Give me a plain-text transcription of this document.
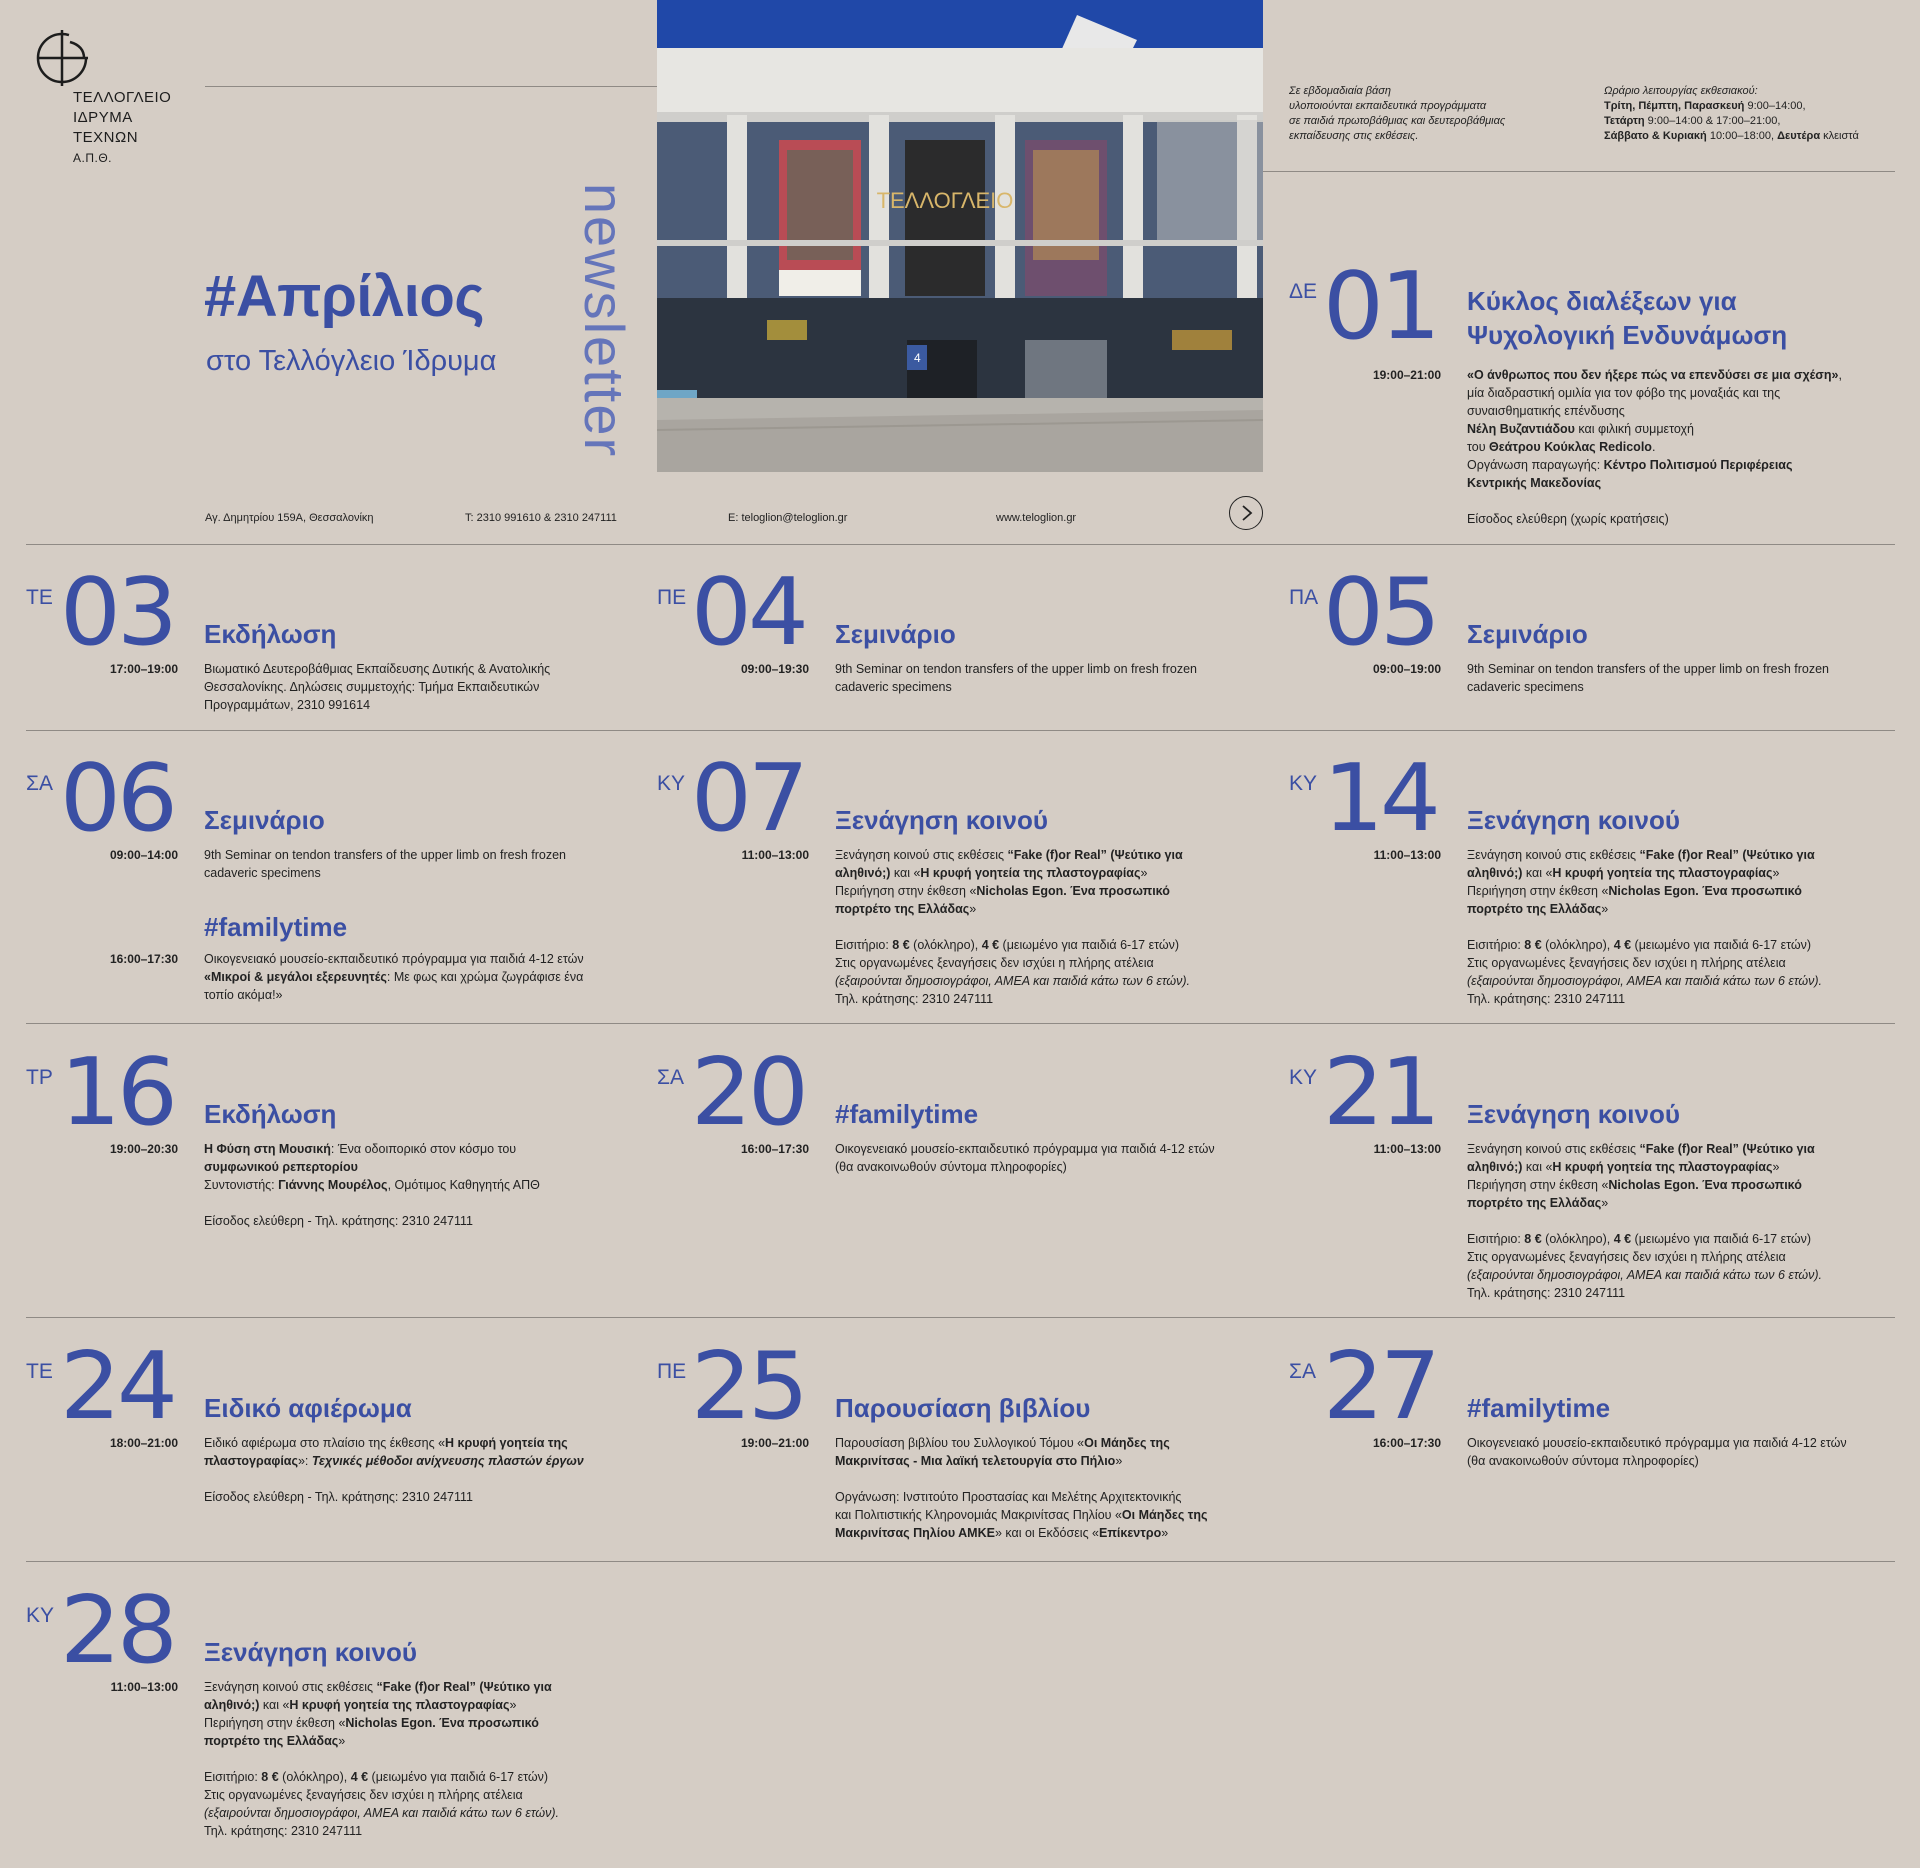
ΤΕΛΛΟΓΛΕΙΟ
ΙΔΡΥΜΑ
ΤΕΧΝΩΝ
Α.Π.Θ.
#Απρίλιος
στο Τελλόγλειο Ίδρυμα newsletter	ΤΕΛΛΟΓΛΕΙΟ
4
Αγ. Δημητρίου 159Α, Θεσσαλονίκη	T: 2310 991610 & 2310 247111	E: teloglion@teloglion.gr	www.teloglion.gr
Σε εβδομαδιαία βάση
υλοποιούνται εκπαιδευτικά προγράμματα
σε παιδιά πρωτοβάθμιας και δευτεροβάθμιας
εκπαίδευσης στις εκθέσεις.
Ωράριο λειτουργίας εκθεσιακού:
Τρίτη, Πέμπτη, Παρασκευή 9:00–14:00,
Τετάρτη 9:00–14:00 & 17:00–21:00,
Σάββατο & Κυριακή 10:00–18:00, Δευτέρα κλειστά
ΔΕ 01 Κύκλος διαλέξεων για
Ψυχολογική Ενδυνάμωση
19:00–21:00 «Ο άνθρωπος που δεν ήξερε πώς να επενδύσει σε μια σχέση»,
μία διαδραστική ομιλία για τον φόβο της μοναξιάς και της
συναισθηματικής επένδυσης
Νέλη Βυζαντιάδου και φιλική συμμετοχή
του Θεάτρου Κούκλας Redicolo.
Οργάνωση παραγωγής: Κέντρο Πολιτισμού Περιφέρειας
Κεντρικής Μακεδονίας
Είσοδος ελεύθερη (χωρίς κρατήσεις)
ΤΕ 03 Εκδήλωση
17:00–19:00 Βιωματικό Δευτεροβάθμιας Εκπαίδευσης Δυτικής & Ανατολικής
Θεσσαλονίκης. Δηλώσεις συμμετοχής: Τμήμα Εκπαιδευτικών
Προγραμμάτων, 2310 991614
ΠΕ 04 Σεμινάριο
09:00–19:30 9th Seminar on tendon transfers of the upper limb on fresh frozen
cadaveric specimens
ΠΑ 05 Σεμινάριο
09:00–19:00 9th Seminar on tendon transfers of the upper limb on fresh frozen
cadaveric specimens
ΣΑ 06 Σεμινάριο
09:00–14:00 9th Seminar on tendon transfers of the upper limb on fresh frozen
cadaveric specimens
#familytime
16:00–17:30 Οικογενειακό μουσείο-εκπαιδευτικό πρόγραμμα για παιδιά 4-12 ετών
«Μικροί & μεγάλοι εξερευνητές: Με φως και χρώμα ζωγράφισε ένα
τοπίο ακόμα!»
ΚΥ 07 Ξενάγηση κοινού
11:00–13:00 Ξενάγηση κοινού στις εκθέσεις “Fake (f)or Real” (Ψεύτικο για
αληθινό;) και «Η κρυφή γοητεία της πλαστογραφίας»
Περιήγηση στην έκθεση «Nicholas Egon. Ένα προσωπικό
πορτρέτο της Ελλάδας»
Εισιτήριο: 8 € (ολόκληρο), 4 € (μειωμένο για παιδιά 6-17 ετών)
Στις οργανωμένες ξεναγήσεις δεν ισχύει η πλήρης ατέλεια
(εξαιρούνται δημοσιογράφοι, ΑΜΕΑ και παιδιά κάτω των 6 ετών).
Τηλ. κράτησης: 2310 247111
ΚΥ 14 Ξενάγηση κοινού
11:00–13:00 Ξενάγηση κοινού στις εκθέσεις “Fake (f)or Real” (Ψεύτικο για
αληθινό;) και «Η κρυφή γοητεία της πλαστογραφίας»
Περιήγηση στην έκθεση «Nicholas Egon. Ένα προσωπικό
πορτρέτο της Ελλάδας»
Εισιτήριο: 8 € (ολόκληρο), 4 € (μειωμένο για παιδιά 6-17 ετών)
Στις οργανωμένες ξεναγήσεις δεν ισχύει η πλήρης ατέλεια
(εξαιρούνται δημοσιογράφοι, ΑΜΕΑ και παιδιά κάτω των 6 ετών).
Τηλ. κράτησης: 2310 247111
ΤΡ 16 Εκδήλωση
19:00–20:30 Η Φύση στη Μουσική: Ένα οδοιπορικό στον κόσμο του
συμφωνικού ρεπερτορίου
Συντονιστής: Γιάννης Μουρέλος, Ομότιμος Καθηγητής ΑΠΘ
Είσοδος ελεύθερη - Τηλ. κράτησης: 2310 247111
ΣΑ 20 #familytime
16:00–17:30 Οικογενειακό μουσείο-εκπαιδευτικό πρόγραμμα για παιδιά 4-12 ετών
(θα ανακοινωθούν σύντομα πληροφορίες)
ΚΥ 21 Ξενάγηση κοινού
11:00–13:00 Ξενάγηση κοινού στις εκθέσεις “Fake (f)or Real” (Ψεύτικο για
αληθινό;) και «Η κρυφή γοητεία της πλαστογραφίας»
Περιήγηση στην έκθεση «Nicholas Egon. Ένα προσωπικό
πορτρέτο της Ελλάδας»
Εισιτήριο: 8 € (ολόκληρο), 4 € (μειωμένο για παιδιά 6-17 ετών)
Στις οργανωμένες ξεναγήσεις δεν ισχύει η πλήρης ατέλεια
(εξαιρούνται δημοσιογράφοι, ΑΜΕΑ και παιδιά κάτω των 6 ετών).
Τηλ. κράτησης: 2310 247111
ΤΕ 24 Ειδικό αφιέρωμα
18:00–21:00 Ειδικό αφιέρωμα στο πλαίσιο της έκθεσης «Η κρυφή γοητεία της
πλαστογραφίας»: Τεχνικές μέθοδοι ανίχνευσης πλαστών έργων
Είσοδος ελεύθερη - Τηλ. κράτησης: 2310 247111
ΠΕ 25 Παρουσίαση βιβλίου
19:00–21:00 Παρουσίαση βιβλίου του Συλλογικού Τόμου «Οι Μάηδες της
Μακρινίτσας - Μια λαϊκή τελετουργία στο Πήλιο»
Οργάνωση: Ινστιτούτο Προστασίας και Μελέτης Αρχιτεκτονικής
και Πολιτιστικής Κληρονομιάς Μακρινίτσας Πηλίου «Οι Μάηδες της
Μακρινίτσας Πηλίου ΑΜΚΕ» και οι Εκδόσεις «Επίκεντρο»
ΣΑ 27 #familytime
16:00–17:30 Οικογενειακό μουσείο-εκπαιδευτικό πρόγραμμα για παιδιά 4-12 ετών
(θα ανακοινωθούν σύντομα πληροφορίες)
ΚΥ 28 Ξενάγηση κοινού
11:00–13:00 Ξενάγηση κοινού στις εκθέσεις “Fake (f)or Real” (Ψεύτικο για
αληθινό;) και «Η κρυφή γοητεία της πλαστογραφίας»
Περιήγηση στην έκθεση «Nicholas Egon. Ένα προσωπικό
πορτρέτο της Ελλάδας»
Εισιτήριο: 8 € (ολόκληρο), 4 € (μειωμένο για παιδιά 6-17 ετών)
Στις οργανωμένες ξεναγήσεις δεν ισχύει η πλήρης ατέλεια
(εξαιρούνται δημοσιογράφοι, ΑΜΕΑ και παιδιά κάτω των 6 ετών).
Τηλ. κράτησης: 2310 247111
